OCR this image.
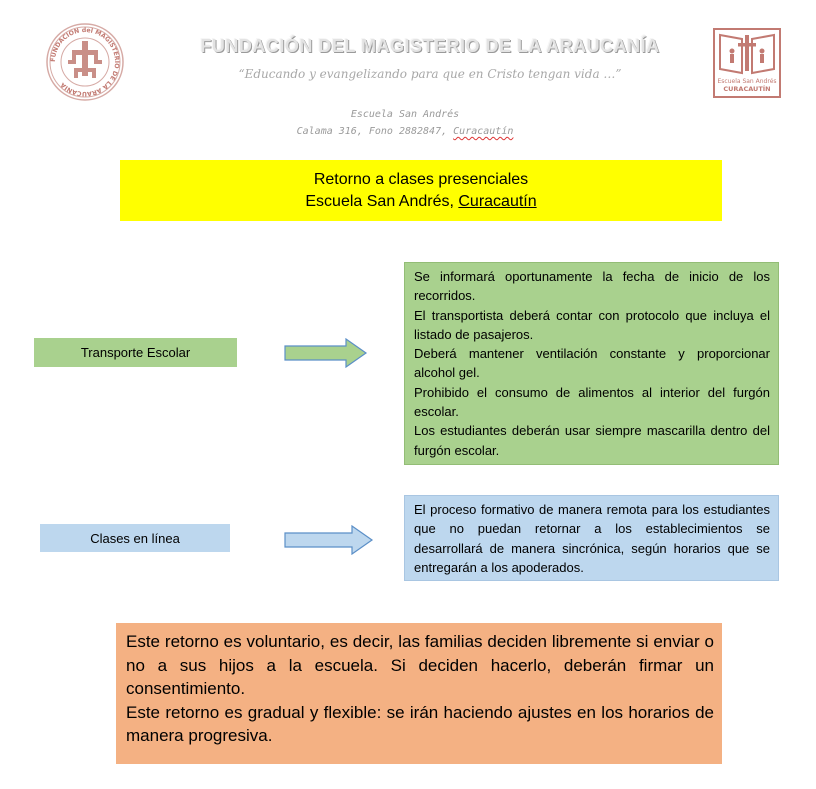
FUNDACION del MAGISTERIO DE LA ARAUCANIA
FUNDACIÓN DEL MAGISTERIO DE LA ARAUCANÍA
“Educando y evangelizando para que en Cristo tengan vida …”
Escuela San Andrés
Calama 316, Fono 2882847, Curacautín
Escuela San Andrés
CURACAUTÍN
Retorno a clases presenciales
Escuela San Andrés, Curacautín
Transporte Escolar

Se informará oportunamente la fecha de inicio de los recorridos.

El transportista deberá contar con protocolo que incluya el listado de pasajeros.

Deberá mantener ventilación constante y proporcionar alcohol gel.

Prohibido el consumo de alimentos al interior del furgón escolar.

Los estudiantes deberán usar siempre mascarilla dentro del furgón escolar.

Clases en línea

El proceso formativo de manera remota para los estudiantes que no puedan retornar a los establecimientos se desarrollará de manera sincrónica, según horarios que se entregarán a los apoderados.

Este retorno es voluntario, es decir, las familias deciden libremente si enviar o no a sus hijos a la escuela. Si deciden hacerlo, deberán firmar un consentimiento.

Este retorno es gradual y flexible: se irán haciendo ajustes en los horarios de manera progresiva.
